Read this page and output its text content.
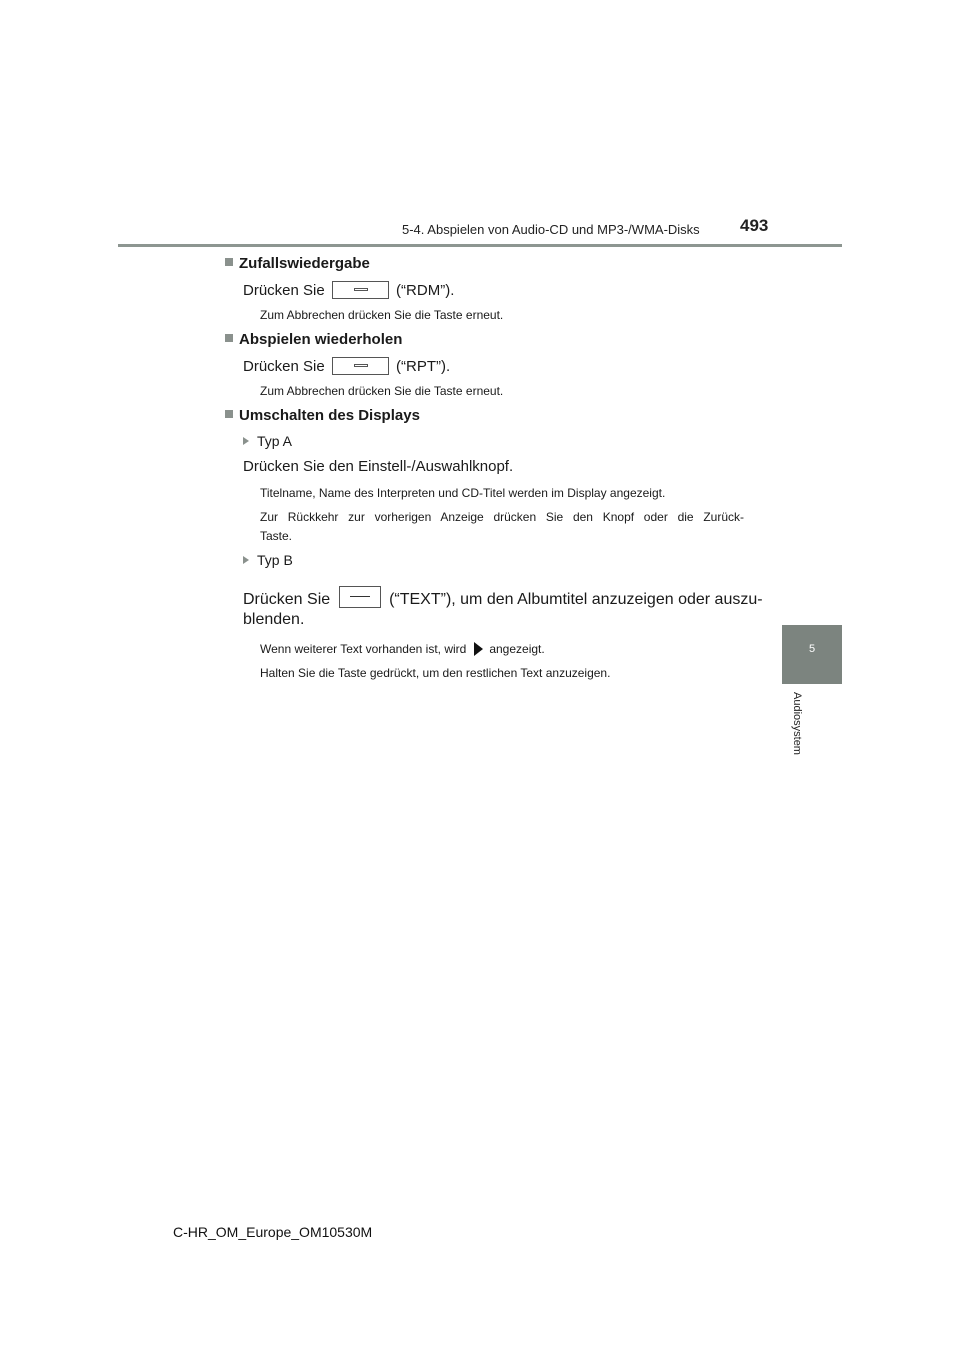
5-4. Abspielen von Audio-CD und MP3-/WMA-Disks 493
5
Audiosystem
Zufallswiedergabe
Drücken Sie	(“RDM”).
Zum Abbrechen drücken Sie die Taste erneut.
Abspielen wiederholen
Drücken Sie	(“RPT”).
Zum Abbrechen drücken Sie die Taste erneut.
Umschalten des Displays
Typ A
Drücken Sie den Einstell-/Auswahlknopf.
Titelname, Name des Interpreten und CD-Titel werden im Display angezeigt.
Zur Rückkehr zur vorherigen Anzeige drücken Sie den Knopf oder die Zurück-
Taste.
Typ B
Drücken Sie	(“TEXT”), um den Albumtitel anzuzeigen oder auszu-
blenden.
Wenn weiterer Text vorhanden ist, wird angezeigt.
Halten Sie die Taste gedrückt, um den restlichen Text anzuzeigen.
C-HR_OM_Europe_OM10530M
